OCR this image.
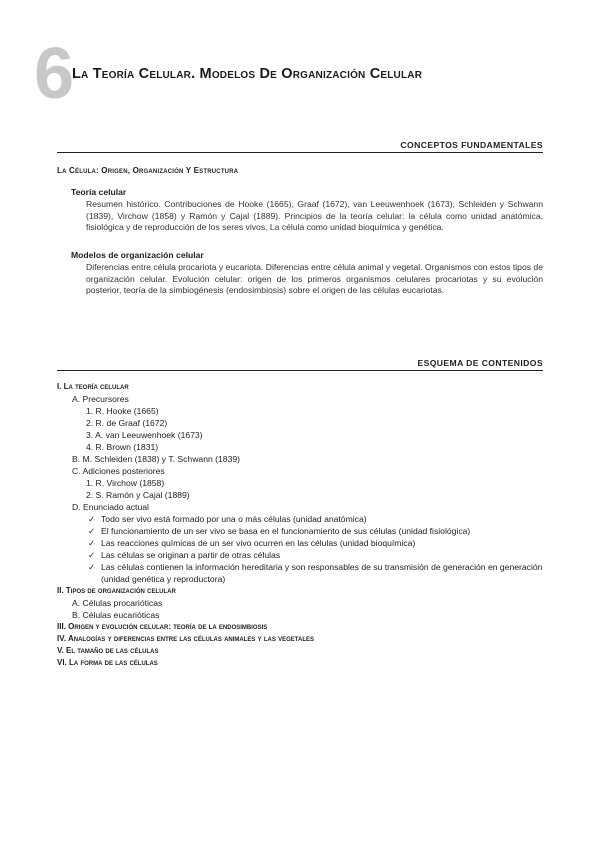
6
La Teoría Celular. Modelos De Organización Celular
CONCEPTOS FUNDAMENTALES
La Célula: Origen, Organización Y Estructura
Teoría celular
Resumen histórico. Contribuciones de Hooke (1665), Graaf (1672), van Leeuwenhoek (1673), Schleiden y Schwann (1839), Virchow (1858) y Ramón y Cajal (1889). Principios de la teoría celular: la célula como unidad anatómica, fisiológica y de reproducción de los seres vivos. La célula como unidad bioquímica y genética.
Modelos de organización celular
Diferencias entre célula procariota y eucariota. Diferencias entre célula animal y vegetal. Organismos con estos tipos de organización celular. Evolución celular: origen de los primeros organismos celulares procariotas y su evolución posterior, teoría de la simbiogénesis (endosimbiosis) sobre el origen de las células eucariotas.
ESQUEMA DE CONTENIDOS
I. La teoría celular
A. Precursores
1. R. Hooke (1665)
2. R. de Graaf (1672)
3. A. van Leeuwenhoek (1673)
4. R. Brown (1831)
B. M. Schleiden (1838) y T. Schwann (1839)
C. Adiciones posteriores
1. R. Virchow (1858)
2. S. Ramón y Cajal (1889)
D. Enunciado actual
✓ Todo ser vivo está formado por una o más células (unidad anatómica)
✓ El funcionamiento de un ser vivo se basa en el funcionamiento de sus células (unidad fisiológica)
✓ Las reacciones químicas de un ser vivo ocurren en las células (unidad bioquímica)
✓ Las células se originan a partir de otras células
✓ Las células contienen la información hereditaria y son responsables de su transmisión de generación en generación (unidad genética y reproductora)
II. Tipos de organización celular
A. Células procarióticas
B. Células eucarióticas
III. Origen y evolución celular: teoría de la endosimbiosis
IV. Analogías y diferencias entre las células animales y las vegetales
V. El tamaño de las células
VI. La forma de las células
